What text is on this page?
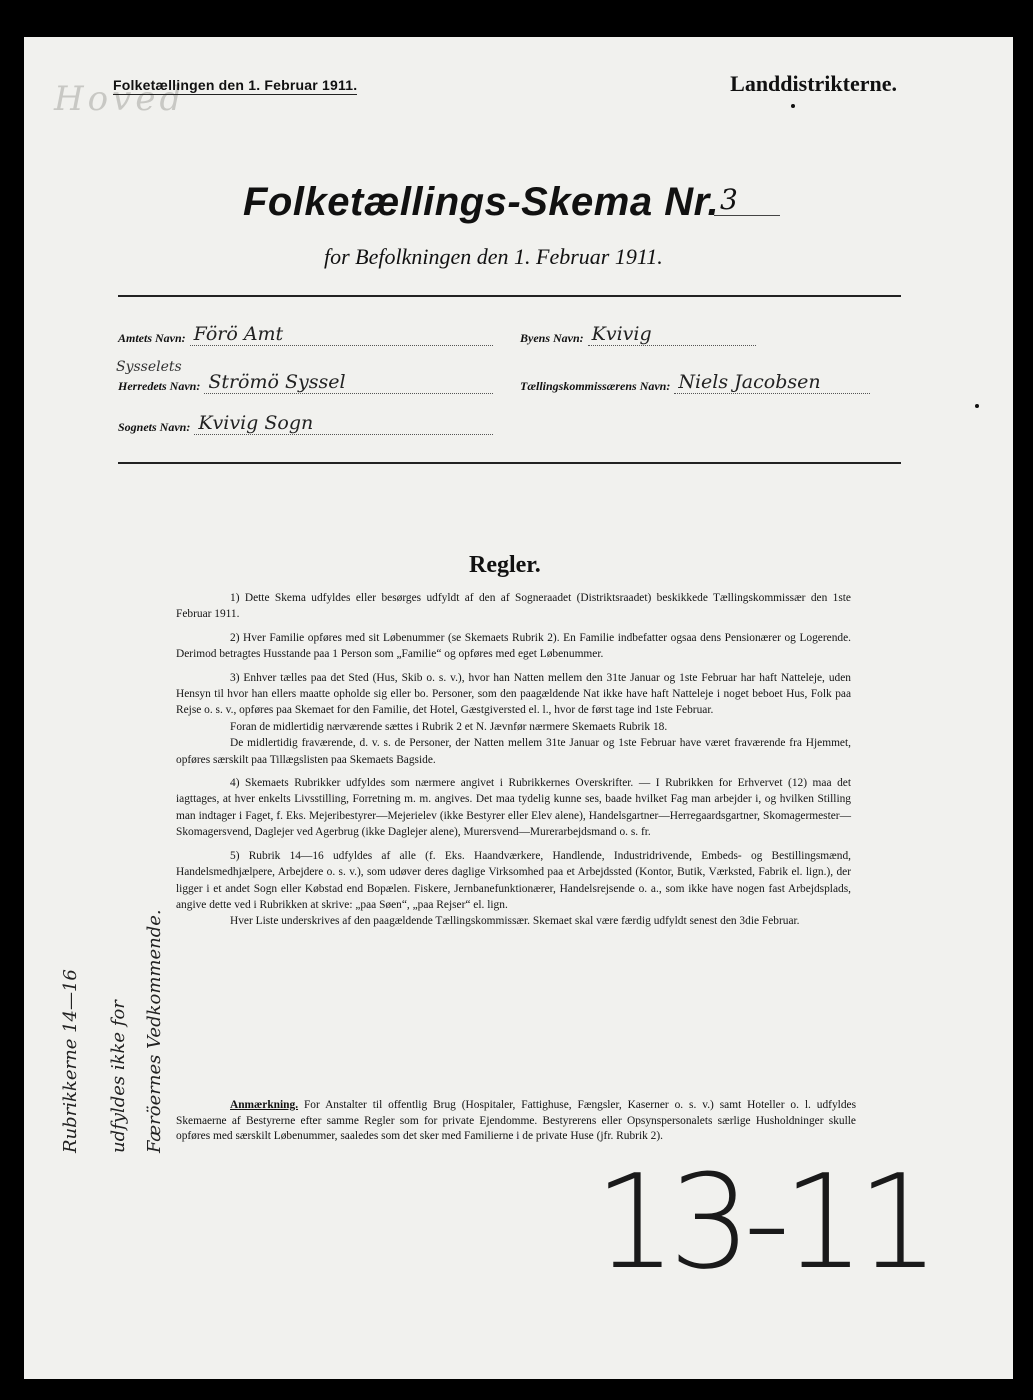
Hoved
Folketællingen den 1. Februar 1911.	Landdistrikterne.
Folketællings-Skema Nr. 3
for Befolkningen den 1. Februar 1911.
Amtets Navn: Förö Amt	Byens Navn: Kvivig
Sysselets
Herredets Navn: Strömö Syssel	Tællingskommissærens Navn: Niels Jacobsen
Sognets Navn: Kvivig Sogn
Regler.

1) Dette Skema udfyldes eller besørges udfyldt af den af Sogneraadet (Distriktsraadet) beskikkede Tællingskommissær den 1ste Februar 1911.

2) Hver Familie opføres med sit Løbenummer (se Skemaets Rubrik 2). En Familie indbefatter ogsaa dens Pensionærer og Logerende. Derimod betragtes Husstande paa 1 Person som „Familie“ og opføres med eget Løbenummer.

3) Enhver tælles paa det Sted (Hus, Skib o. s. v.), hvor han Natten mellem den 31te Januar og 1ste Februar har haft Natteleje, uden Hensyn til hvor han ellers maatte opholde sig eller bo. Personer, som den paagældende Nat ikke have haft Natteleje i noget beboet Hus, Folk paa Rejse o. s. v., opføres paa Skemaet for den Familie, det Hotel, Gæstgiversted el. l., hvor de først tage ind 1ste Februar.

Foran de midlertidig nærværende sættes i Rubrik 2 et N. Jævnfør nærmere Skemaets Rubrik 18.

De midlertidig fraværende, d. v. s. de Personer, der Natten mellem 31te Januar og 1ste Februar have været fraværende fra Hjemmet, opføres særskilt paa Tillægslisten paa Skemaets Bagside.

4) Skemaets Rubrikker udfyldes som nærmere angivet i Rubrikkernes Overskrifter. — I Rubrikken for Erhvervet (12) maa det iagttages, at hver enkelts Livsstilling, Forretning m. m. angives. Det maa tydelig kunne ses, baade hvilket Fag man arbejder i, og hvilken Stilling man indtager i Faget, f. Eks. Mejeribestyrer—Mejerielev (ikke Bestyrer eller Elev alene), Handelsgartner—Herregaardsgartner, Skomagermester—Skomagersvend, Daglejer ved Agerbrug (ikke Daglejer alene), Murersvend—Murerarbejdsmand o. s. fr.

5) Rubrik 14—16 udfyldes af alle (f. Eks. Haandværkere, Handlende, Industridrivende, Embeds- og Bestillingsmænd, Handelsmedhjælpere, Arbejdere o. s. v.), som udøver deres daglige Virksomhed paa et Arbejdssted (Kontor, Butik, Værksted, Fabrik el. lign.), der ligger i et andet Sogn eller Købstad end Bopælen. Fiskere, Jernbanefunktionærer, Handelsrejsende o. a., som ikke have nogen fast Arbejdsplads, angive dette ved i Rubrikken at skrive: „paa Søen“, „paa Rejser“ el. lign.

Hver Liste underskrives af den paagældende Tællingskommissær. Skemaet skal være færdig udfyldt senest den 3die Februar.

Anmærkning. For Anstalter til offentlig Brug (Hospitaler, Fattighuse, Fængsler, Kaserner o. s. v.) samt Hoteller o. l. udfyldes Skemaerne af Bestyrerne efter samme Regler som for private Ejendomme. Bestyrerens eller Opsynspersonalets særlige Husholdninger skulle opføres med særskilt Løbenummer, saaledes som det sker med Familierne i de private Huse (jfr. Rubrik 2).

Rubrikkerne 14—16 udfyldes ikke for Færöernes Vedkommende.
13-11
